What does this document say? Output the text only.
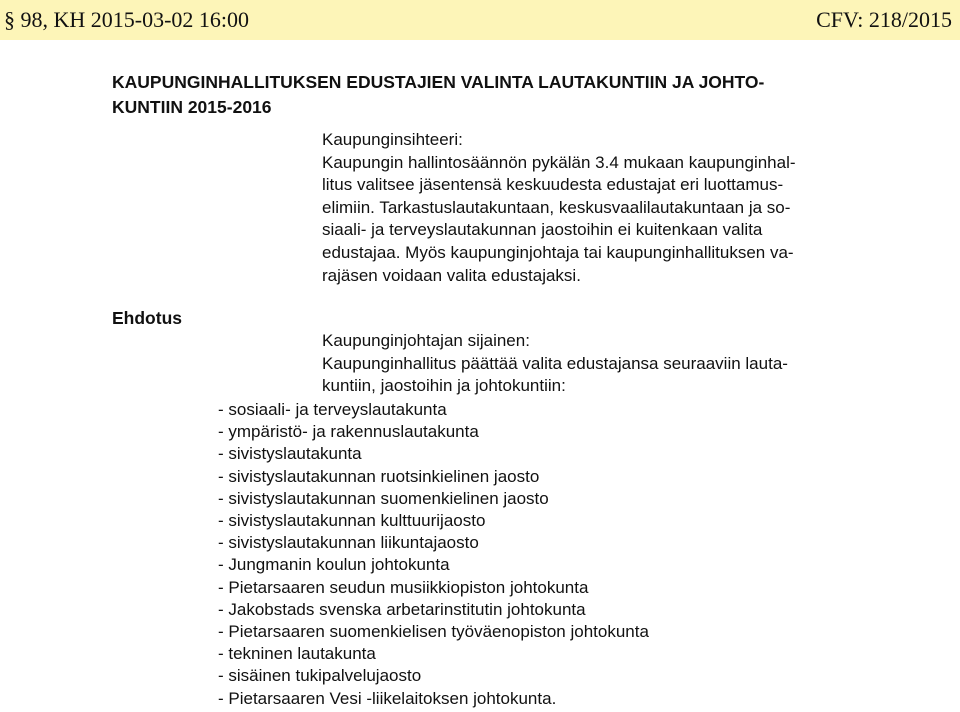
§ 98, KH 2015-03-02 16:00	CFV: 218/2015
KAUPUNGINHALLITUKSEN EDUSTAJIEN VALINTA LAUTAKUNTIIN JA JOHTO-
KUNTIIN 2015-2016
Kaupunginsihteeri:
Kaupungin hallintosäännön pykälän 3.4 mukaan kaupunginhal-
litus valitsee jäsentensä keskuudesta edustajat eri luottamus-
elimiin. Tarkastuslautakuntaan, keskusvaalilautakuntaan ja so-
siaali- ja terveyslautakunnan jaostoihin ei kuitenkaan valita
edustajaa. Myös kaupunginjohtaja tai kaupunginhallituksen va-
rajäsen voidaan valita edustajaksi.
Ehdotus
Kaupunginjohtajan sijainen:
Kaupunginhallitus päättää valita edustajansa seuraaviin lauta-
kuntiin, jaostoihin ja johtokuntiin:
- sosiaali- ja terveyslautakunta
- ympäristö- ja rakennuslautakunta
- sivistyslautakunta
- sivistyslautakunnan ruotsinkielinen jaosto
- sivistyslautakunnan suomenkielinen jaosto
- sivistyslautakunnan kulttuurijaosto
- sivistyslautakunnan liikuntajaosto
- Jungmanin koulun johtokunta
- Pietarsaaren seudun musiikkiopiston johtokunta
- Jakobstads svenska arbetarinstitutin johtokunta
- Pietarsaaren suomenkielisen työväenopiston johtokunta
- tekninen lautakunta
- sisäinen tukipalvelujaosto
- Pietarsaaren Vesi -liikelaitoksen johtokunta.
